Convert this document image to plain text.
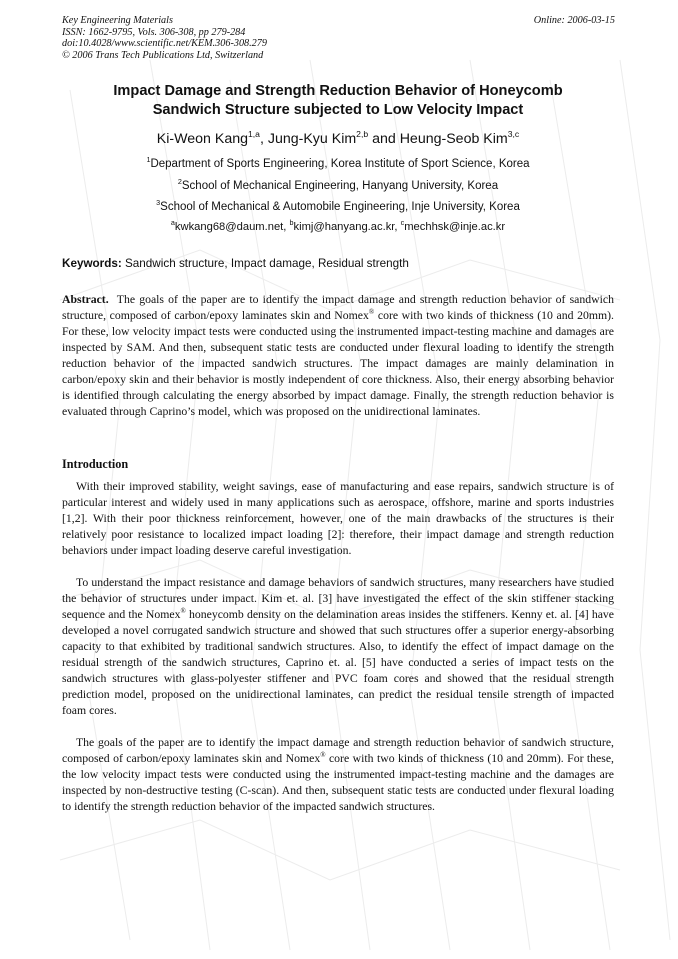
Key Engineering Materials
ISSN: 1662-9795, Vols. 306-308, pp 279-284
doi:10.4028/www.scientific.net/KEM.306-308.279
© 2006 Trans Tech Publications Ltd, Switzerland
Online: 2006-03-15
Impact Damage and Strength Reduction Behavior of Honeycomb
Sandwich Structure subjected to Low Velocity Impact
Ki-Weon Kang$^{1,a}$, Jung-Kyu Kim$^{2,b}$ and Heung-Seob Kim$^{3,c}$
$^1$Department of Sports Engineering, Korea Institute of Sport Science, Korea
$^2$School of Mechanical Engineering, Hanyang University, Korea
$^3$School of Mechanical & Automobile Engineering, Inje University, Korea
$^a$kwkang68@daum.net, $^b$kimj@hanyang.ac.kr, $^c$mechhsk@inje.ac.kr
Keywords: Sandwich structure, Impact damage, Residual strength
Abstract. The goals of the paper are to identify the impact damage and strength reduction behavior of sandwich structure, composed of carbon/epoxy laminates skin and Nomex® core with two kinds of thickness (10 and 20mm). For these, low velocity impact tests were conducted using the instrumented impact-testing machine and damages are inspected by SAM. And then, subsequent static tests are conducted under flexural loading to identify the strength reduction behavior of the impacted sandwich structures. The impact damages are mainly delamination in carbon/epoxy skin and their behavior is mostly independent of core thickness. Also, their energy absorbing behavior is identified through calculating the energy absorbed by impact damage. Finally, the strength reduction behavior is evaluated through Caprino’s model, which was proposed on the unidirectional laminates.
Introduction
With their improved stability, weight savings, ease of manufacturing and ease repairs, sandwich structure is of particular interest and widely used in many applications such as aerospace, offshore, marine and sports industries [1,2]. With their poor thickness reinforcement, however, one of the main drawbacks of the structures is their relatively poor resistance to localized impact loading [2]: therefore, their impact damage and strength reduction behaviors under impact loading deserve careful investigation.
To understand the impact resistance and damage behaviors of sandwich structures, many researchers have studied the behavior of structures under impact. Kim et. al. [3] have investigated the effect of the skin stiffener stacking sequence and the Nomex® honeycomb density on the delamination areas insides the stiffeners. Kenny et. al. [4] have developed a novel corrugated sandwich structure and showed that such structures offer a superior energy-absorbing capacity to that exhibited by traditional sandwich structures. Also, to identify the effect of impact damage on the residual strength of the sandwich structures, Caprino et. al. [5] have conducted a series of impact tests on the sandwich structures with glass-polyester stiffener and PVC foam cores and showed that the residual strength prediction model, proposed on the unidirectional laminates, can predict the residual tensile strength of impacted foam cores.
The goals of the paper are to identify the impact damage and strength reduction behavior of sandwich structure, composed of carbon/epoxy laminates skin and Nomex® core with two kinds of thickness (10 and 20mm). For these, the low velocity impact tests were conducted using the instrumented impact-testing machine and the damages are inspected by non-destructive testing (C-scan). And then, subsequent static tests are conducted under flexural loading to identify the strength reduction behavior of the impacted sandwich structures.
